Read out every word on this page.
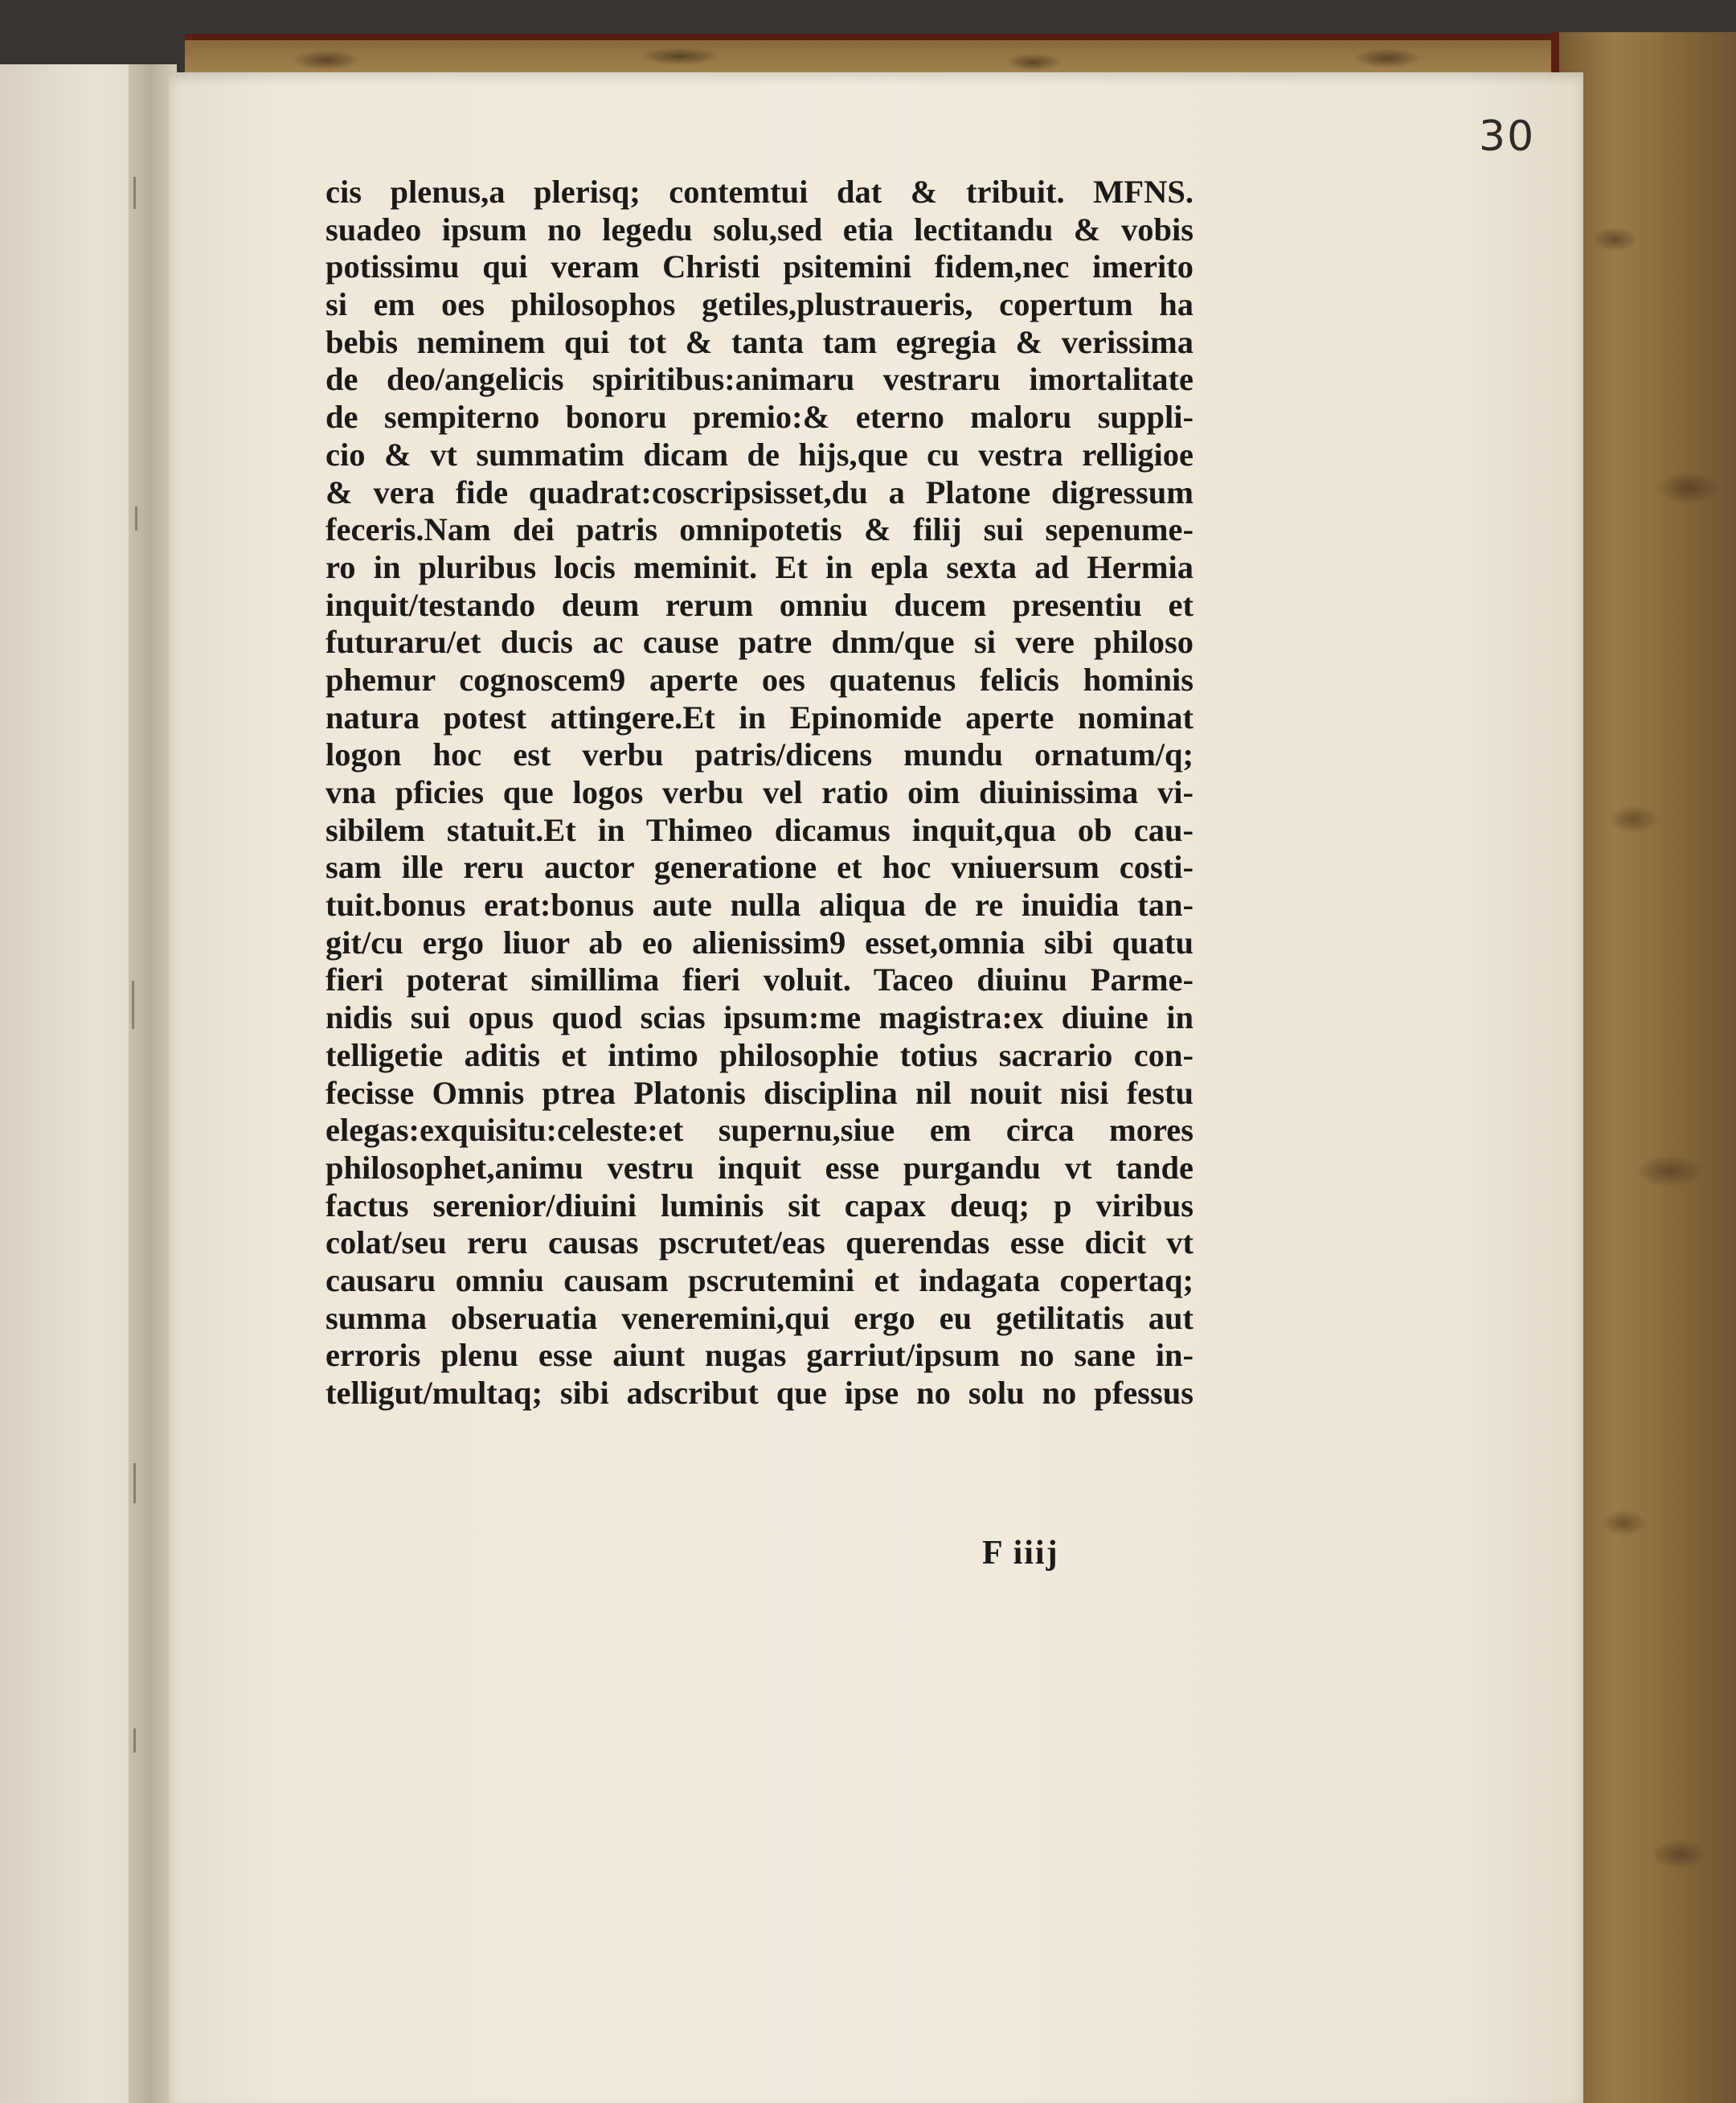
30
cis plenus,a plerisq; contemtui dat & tribuit. MFNS.
suadeo ipsum no legedu solu,sed etia lectitandu & vobis
potissimu qui veram Christi psitemini fidem,nec imerito
si em oes philosophos getiles,plustraueris, copertum ha
bebis neminem qui tot & tanta tam egregia & verissima
de deo/angelicis spiritibus:animaru vestraru imortalitate
de sempiterno bonoru premio:& eterno maloru suppli-
cio & vt summatim dicam de hijs,que cu vestra relligioe
& vera fide quadrat:coscripsisset,du a Platone digressum
feceris.Nam dei patris omnipotetis & filij sui sepenume-
ro in pluribus locis meminit. Et in epla sexta ad Hermia
inquit/testando deum rerum omniu ducem presentiu et
futuraru/et ducis ac cause patre dnm/que si vere philoso
phemur cognoscem9 aperte oes quatenus felicis hominis
natura potest attingere.Et in Epinomide aperte nominat
logon hoc est verbu patris/dicens mundu ornatum/q;
vna pficies que logos verbu vel ratio oim diuinissima vi-
sibilem statuit.Et in Thimeo dicamus inquit,qua ob cau-
sam ille reru auctor generatione et hoc vniuersum costi-
tuit.bonus erat:bonus aute nulla aliqua de re inuidia tan-
git/cu ergo liuor ab eo alienissim9 esset,omnia sibi quatu
fieri poterat simillima fieri voluit. Taceo diuinu Parme-
nidis sui opus quod scias ipsum:me magistra:ex diuine in
telligetie aditis et intimo philosophie totius sacrario con-
fecisse Omnis ptrea Platonis disciplina nil nouit nisi festu
elegas:exquisitu:celeste:et supernu,siue em circa mores
philosophet,animu vestru inquit esse purgandu vt tande
factus serenior/diuini luminis sit capax deuq; p viribus
colat/seu reru causas pscrutet/eas querendas esse dicit vt
causaru omniu causam pscrutemini et indagata copertaq;
summa obseruatia veneremini,qui ergo eu getilitatis aut
erroris plenu esse aiunt nugas garriut/ipsum no sane in-
telligut/multaq; sibi adscribut que ipse no solu no pfessus
F iiij
